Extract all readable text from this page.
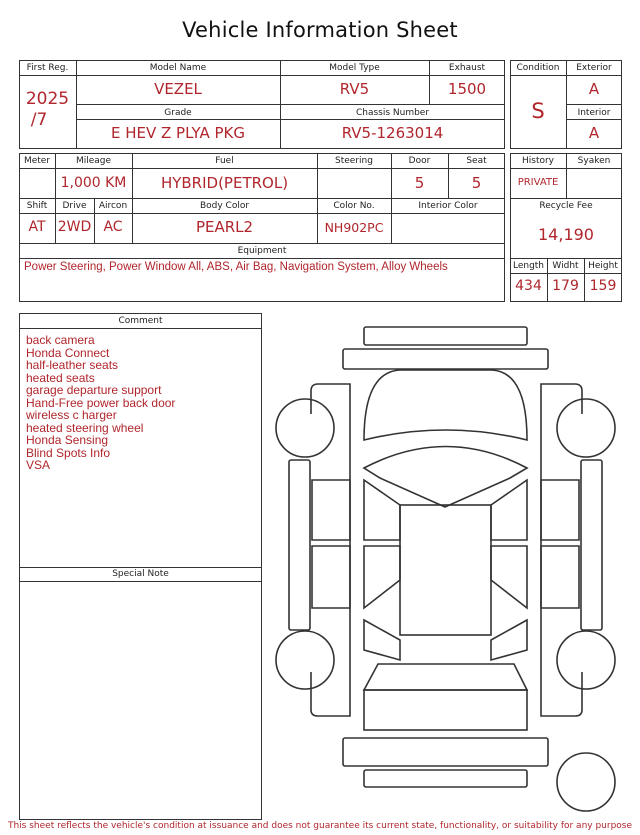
Vehicle Information Sheet
First Reg.
2025
/7
Model Name
VEZEL
Model Type
RV5
Exhaust
1500
Grade
E HEV Z PLYA PKG
Chassis Number
RV5-1263014
Condition
S
Exterior
A
Interior
A
Meter	Mileage
1,000 KM
Fuel
HYBRID(PETROL)
Steering	Door
5
Seat
5
Shift
AT
Drive
2WD
Aircon
AC
Body Color
PEARL2
Color No.
NH902PC
Interior Color
Equipment
Power Steering, Power Window All, ABS, Air Bag, Navigation System, Alloy Wheels
History
PRIVATE
Syaken
Recycle Fee
14,190
Length
434
Widht
179
Height
159
Comment
back camera
Honda Connect
half-leather seats
heated seats
garage departure support
Hand-Free power back door
wireless c harger
heated steering wheel
Honda Sensing
Blind Spots Info
VSA
Special Note
This sheet reflects the vehicle's condition at issuance and does not guarantee its current state, functionality, or suitability for any purpose
